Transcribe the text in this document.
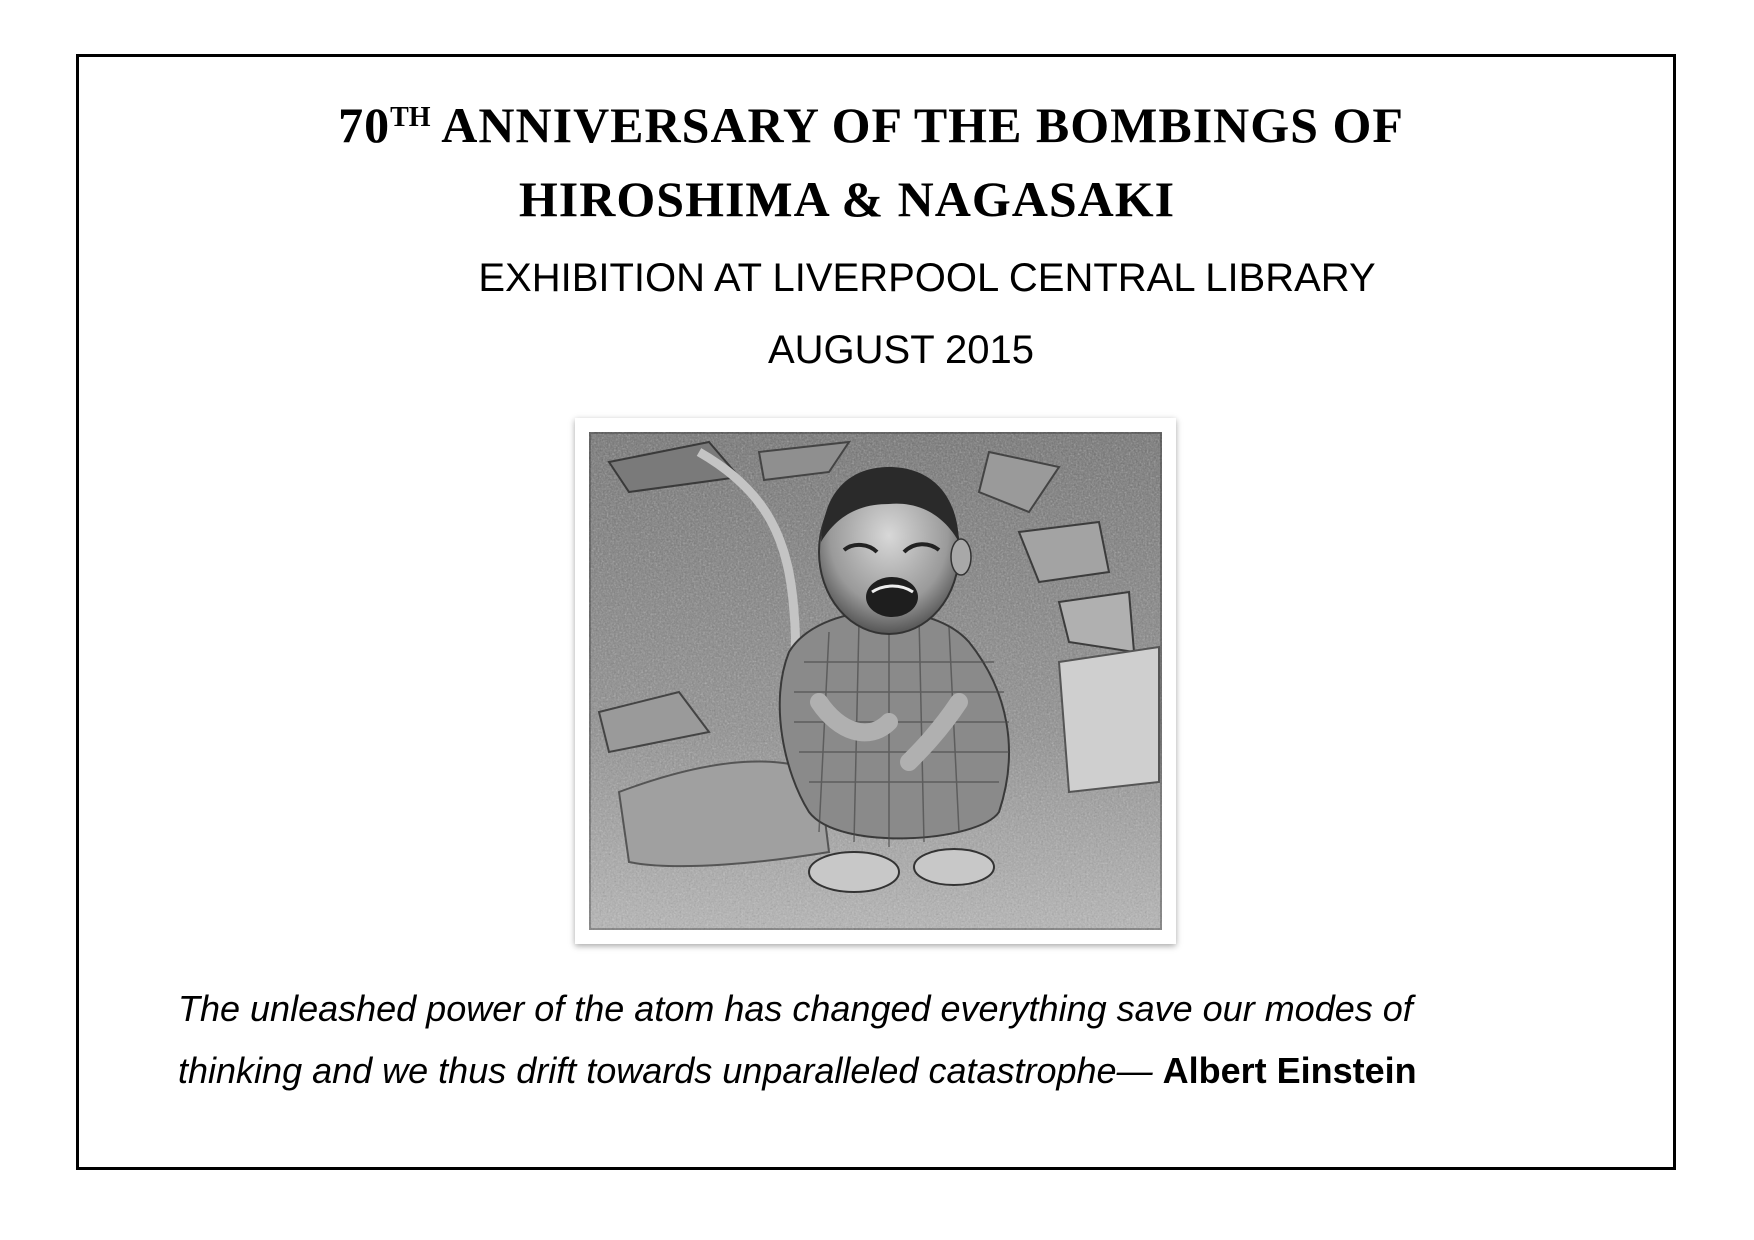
70TH ANNIVERSARY OF THE BOMBINGS OF
HIROSHIMA & NAGASAKI
EXHIBITION AT LIVERPOOL CENTRAL LIBRARY
AUGUST 2015
The unleashed power of the atom has changed everything save our modes of
thinking and we thus drift towards unparalleled catastrophe— Albert Einstein
